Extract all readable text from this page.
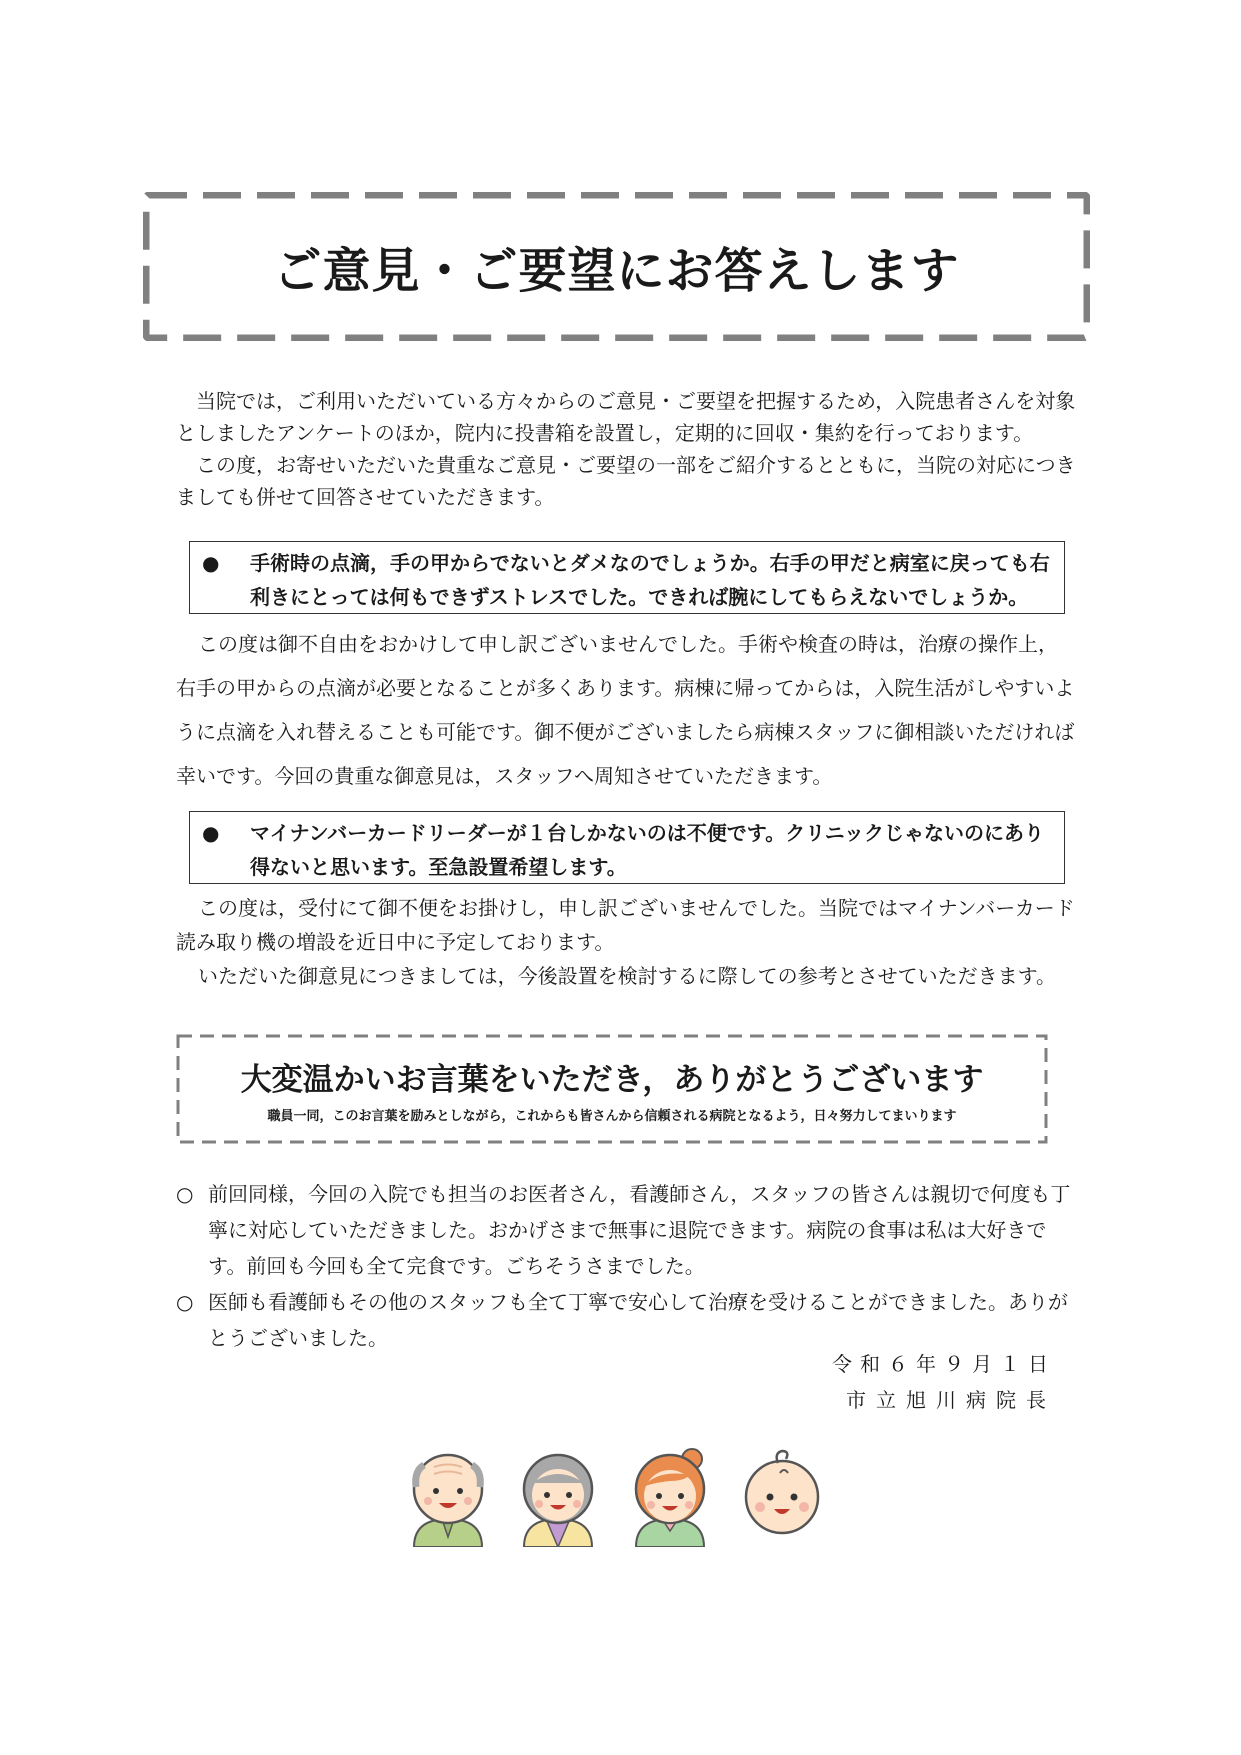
ご意見・ご要望にお答えします

当院では，ご利用いただいている方々からのご意見・ご要望を把握するため，入院患者さんを対象としましたアンケートのほか，院内に投書箱を設置し，定期的に回収・集約を行っております。

この度，お寄せいただいた貴重なご意見・ご要望の一部をご紹介するとともに，当院の対応につきましても併せて回答させていただきます。

●	手術時の点滴，手の甲からでないとダメなのでしょうか。右手の甲だと病室に戻っても右利きにとっては何もできずストレスでした。できれば腕にしてもらえないでしょうか。

この度は御不自由をおかけして申し訳ございませんでした。手術や検査の時は，治療の操作上，右手の甲からの点滴が必要となることが多くあります。病棟に帰ってからは，入院生活がしやすいように点滴を入れ替えることも可能です。御不便がございましたら病棟スタッフに御相談いただければ幸いです。今回の貴重な御意見は，スタッフへ周知させていただきます。

●	マイナンバーカードリーダーが１台しかないのは不便です。クリニックじゃないのにあり得ないと思います。至急設置希望します。

この度は，受付にて御不便をお掛けし，申し訳ございませんでした。当院ではマイナンバーカード読み取り機の増設を近日中に予定しております。

いただいた御意見につきましては，今後設置を検討するに際しての参考とさせていただきます。

大変温かいお言葉をいただき，ありがとうございます
職員一同，このお言葉を励みとしながら，これからも皆さんから信頼される病院となるよう，日々努力してまいります
○ 前回同様，今回の入院でも担当のお医者さん，看護師さん，スタッフの皆さんは親切で何度も丁寧に対応していただきました。おかげさまで無事に退院できます。病院の食事は私は大好きです。前回も今回も全て完食です。ごちそうさまでした。
○ 医師も看護師もその他のスタッフも全て丁寧で安心して治療を受けることができました。ありがとうございました。
令和６年９月１日
市立旭川病院長
